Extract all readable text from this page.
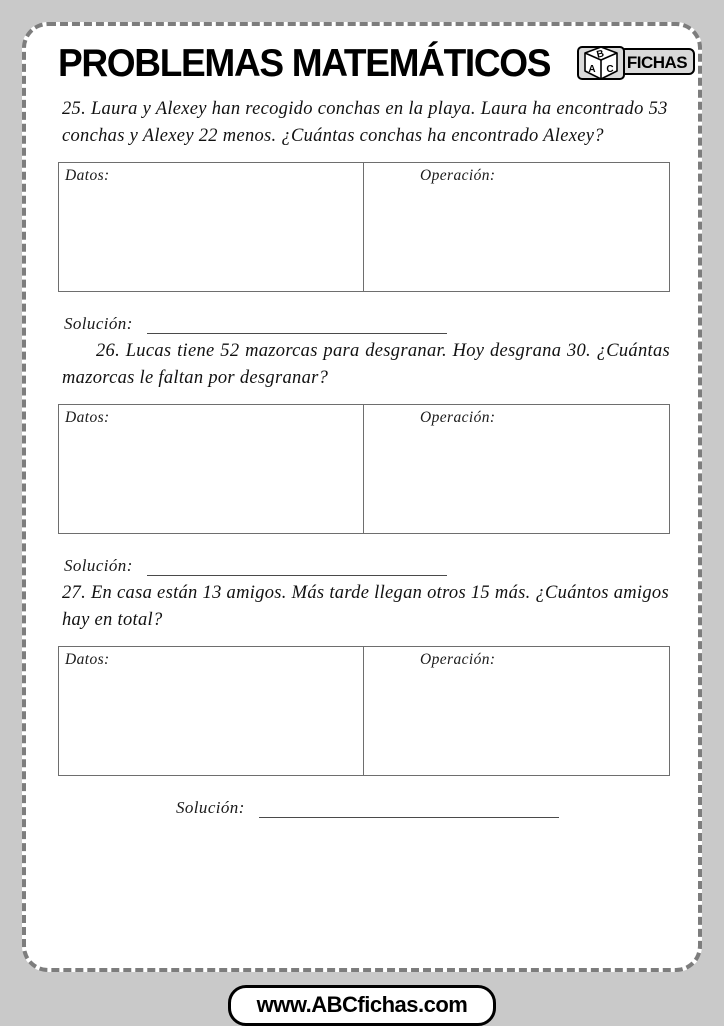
PROBLEMAS MATEMÁTICOS	FICHAS
B
A C

25. Laura y Alexey han recogido conchas en la playa. Laura ha encontrado 53 conchas y Alexey 22 menos. ¿Cuántas conchas ha encontrado Alexey?

Datos:	Operación:
Solución:

26. Lucas tiene 52 mazorcas para desgranar. Hoy desgrana 30. ¿Cuántas mazorcas le faltan por desgranar?

Datos:	Operación:
Solución:

27. En casa están 13 amigos. Más tarde llegan otros 15 más. ¿Cuántos amigos hay en total?

Datos:	Operación:
Solución:
www.ABCfichas.com
